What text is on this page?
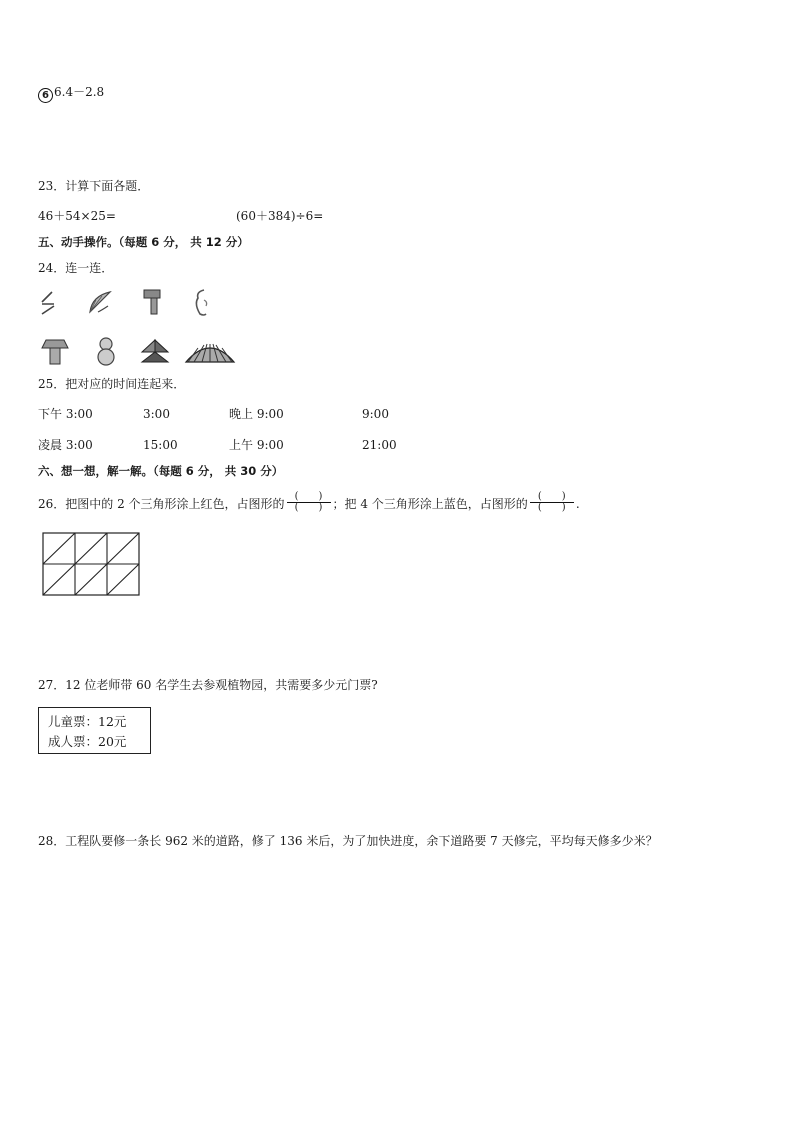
6 6.4－2.8
23．计算下面各题．
46＋54×25=	(60＋384)÷6=
五、动手操作。（每题 6 分， 共 12 分）
24．连一连．
25．把对应的时间连起来．
下午 3:00	3:00	晚上 9:00	9:00
凌晨 3:00	15:00	上午 9:00	21:00
六、想一想，解一解。（每题 6 分， 共 30 分）
26．把图中的 2 个三角形涂上红色，占图形的 $\frac{( )}{( )}$ ；把 4 个三角形涂上蓝色，占图形的 $\frac{( )}{( )}$ .
27．12 位老师带 60 名学生去参观植物园，共需要多少元门票?
儿童票：12元
成人票：20元
28．工程队要修一条长 962 米的道路，修了 136 米后，为了加快进度，余下道路要 7 天修完，平均每天修多少米？
